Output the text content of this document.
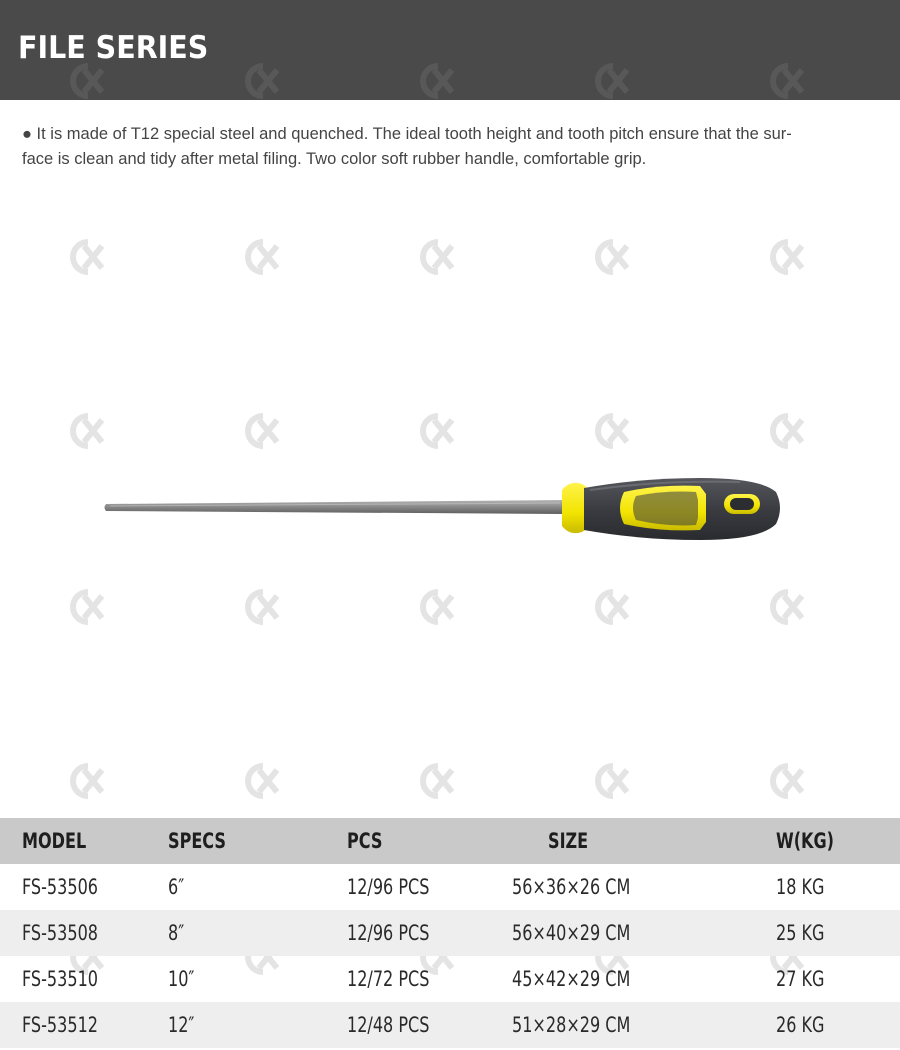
FILE SERIES
● It is made of T12 special steel and quenched. The ideal tooth height and tooth pitch ensure that the sur-
face is clean and tidy after metal filing. Two color soft rubber handle, comfortable grip.
MODEL	SPECS	PCS	SIZE	W(KG)
FS-53506	6″	12/96 PCS	56×36×26 CM	18 KG
FS-53508	8″	12/96 PCS	56×40×29 CM	25 KG
FS-53510	10″	12/72 PCS	45×42×29 CM	27 KG
FS-53512	12″	12/48 PCS	51×28×29 CM	26 KG
